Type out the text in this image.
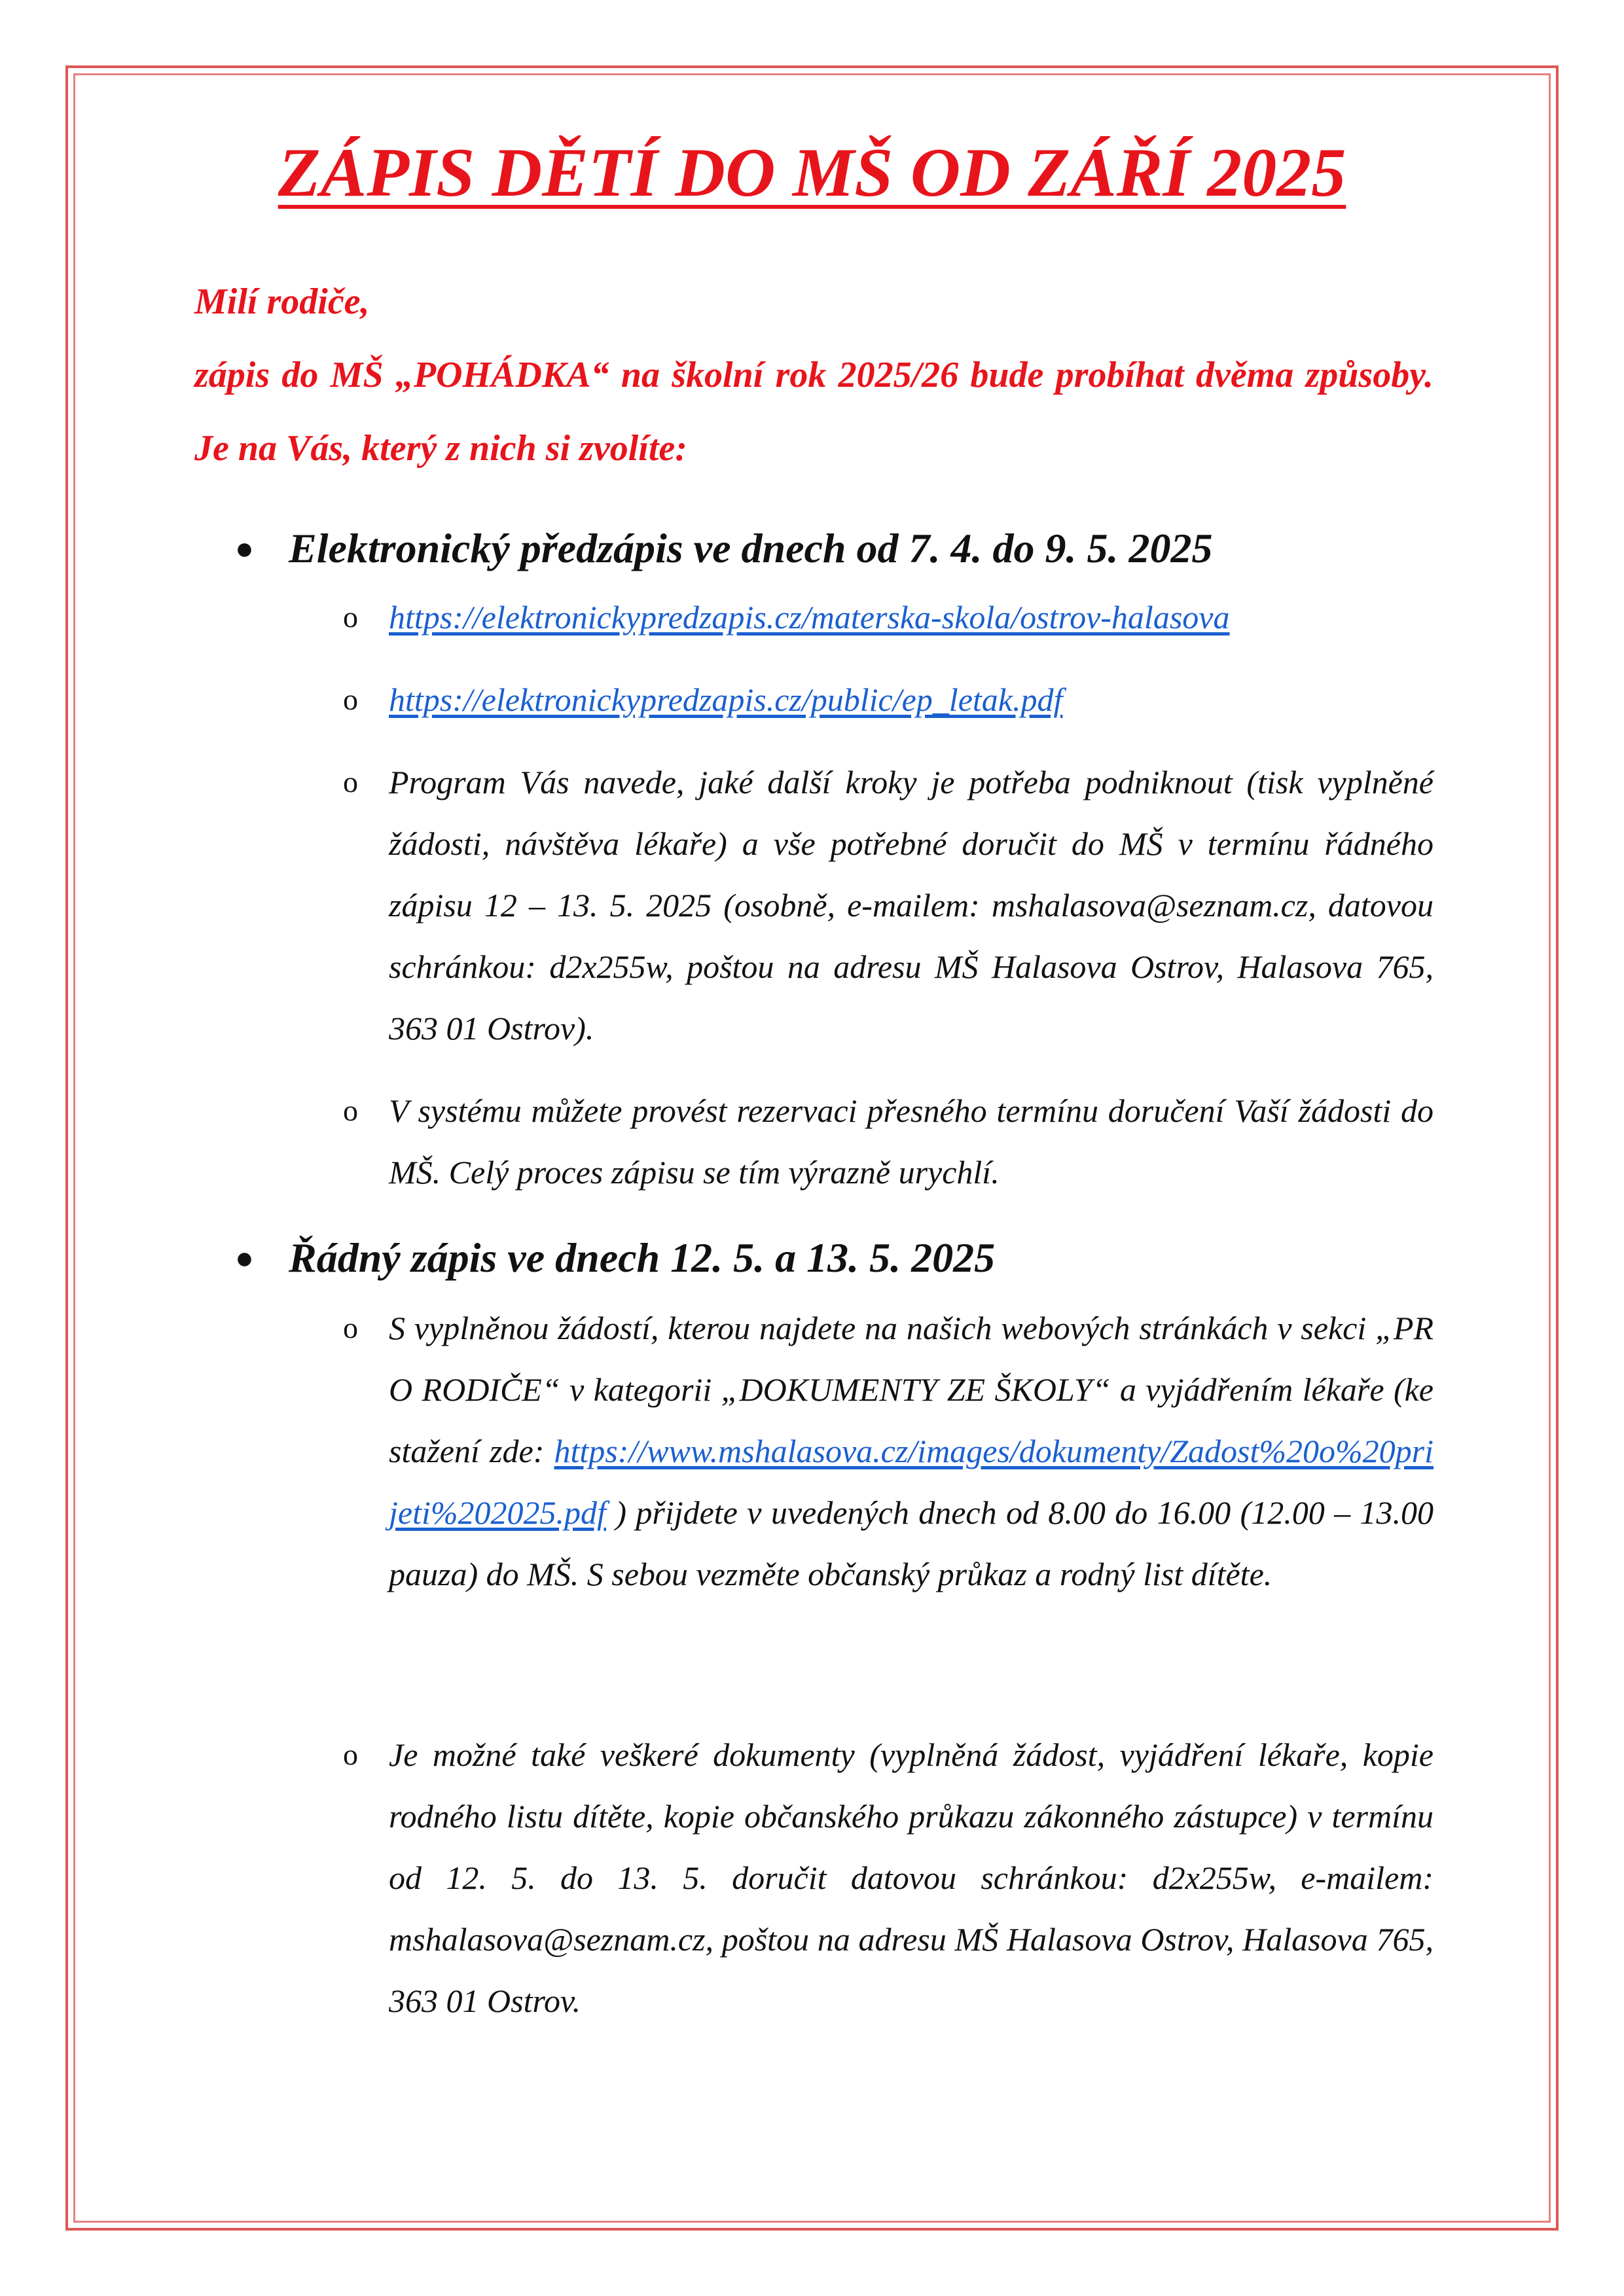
ZÁPIS DĚTÍ DO MŠ OD ZÁŘÍ 2025

Milí rodiče,

zápis do MŠ „POHÁDKA“ na školní rok 2025/26 bude probíhat dvěma způsoby. Je na Vás, který z nich si zvolíte:

● Elektronický předzápis ve dnech od 7. 4. do 9. 5. 2025
o https://elektronickypredzapis.cz/materska-skola/ostrov-halasova
o https://elektronickypredzapis.cz/public/ep_letak.pdf
o Program Vás navede, jaké další kroky je potřeba podniknout (tisk vyplněné žádosti, návštěva lékaře) a vše potřebné doručit do MŠ v termínu řádného zápisu 12 – 13. 5. 2025 (osobně, e-mailem: mshalasova@seznam.cz, datovou schránkou: d2x255w, poštou na adresu MŠ Halasova Ostrov, Halasova 765, 363 01 Ostrov).
o V systému můžete provést rezervaci přesného termínu doručení Vaší žádosti do MŠ. Celý proces zápisu se tím výrazně urychlí.
● Řádný zápis ve dnech 12. 5. a 13. 5. 2025
o S vyplněnou žádostí, kterou najdete na našich webových stránkách v sekci „PRO RODIČE“ v kategorii „DOKUMENTY ZE ŠKOLY“ a vyjádřením lékaře (ke stažení zde: https://www.mshalasova.cz/images/dokumenty/Zadost%20o%20prijeti%202025.pdf ) přijdete v uvedených dnech od 8.00 do 16.00 (12.00 – 13.00 pauza) do MŠ. S sebou vezměte občanský průkaz a rodný list dítěte.
o Je možné také veškeré dokumenty (vyplněná žádost, vyjádření lékaře, kopie rodného listu dítěte, kopie občanského průkazu zákonného zástupce) v termínu od 12. 5. do 13. 5. doručit datovou schránkou: d2x255w, e-mailem: mshalasova@seznam.cz, poštou na adresu MŠ Halasova Ostrov, Halasova 765, 363 01 Ostrov.
